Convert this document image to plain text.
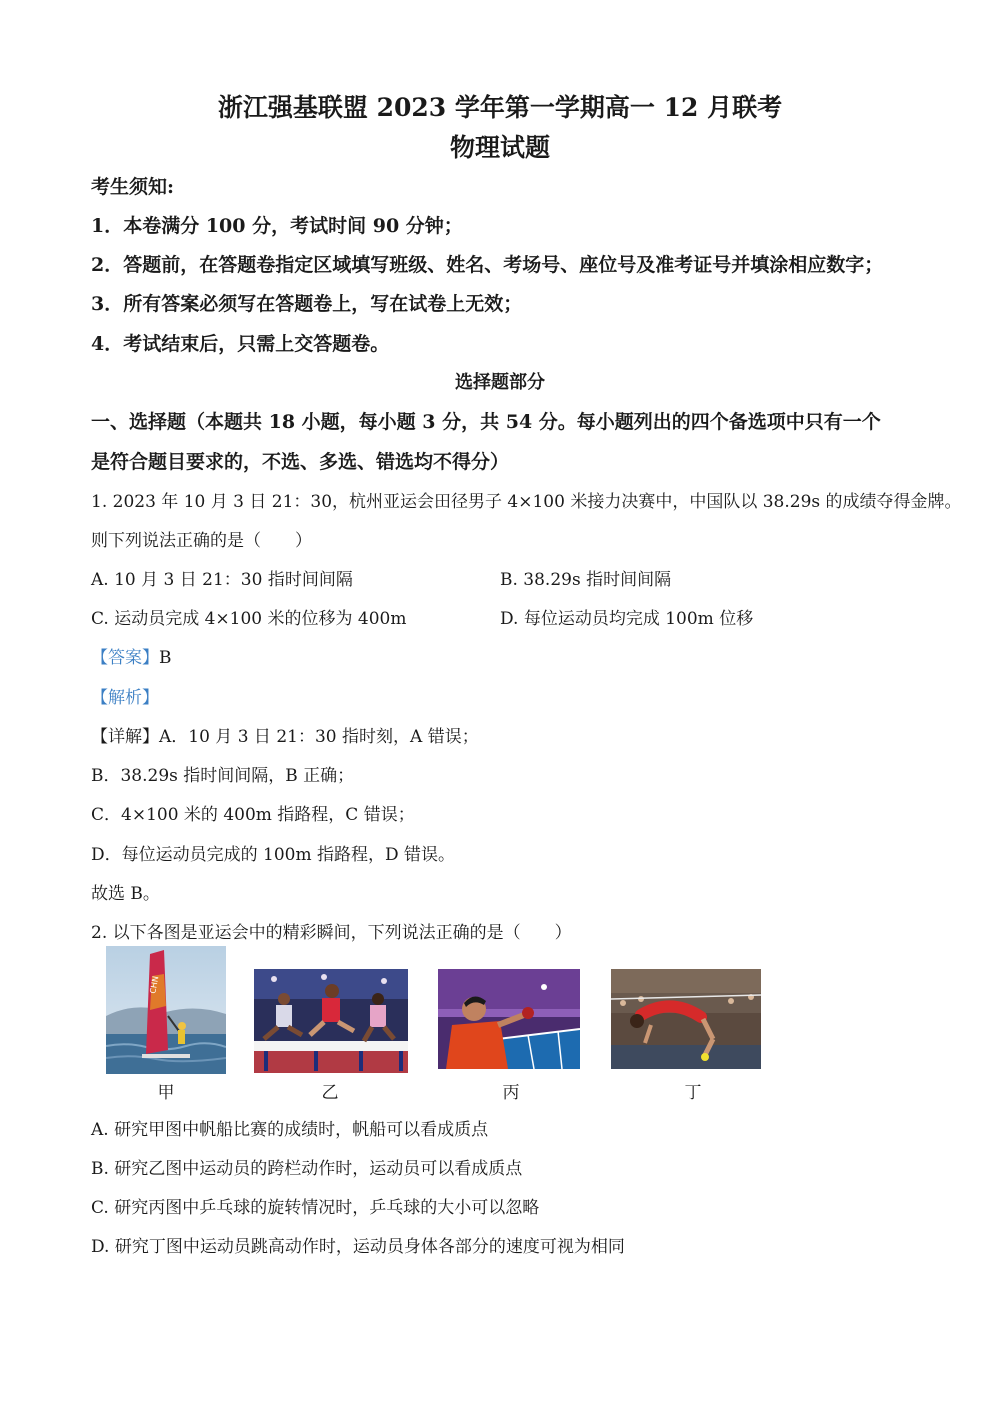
浙江强基联盟 2023 学年第一学期高一 12 月联考
物理试题
考生须知:
1．本卷满分 100 分，考试时间 90 分钟；
2．答题前，在答题卷指定区域填写班级、姓名、考场号、座位号及准考证号并填涂相应数字；
3．所有答案必须写在答题卷上，写在试卷上无效；
4．考试结束后，只需上交答题卷。
选择题部分
一、选择题（本题共 18 小题，每小题 3 分，共 54 分。每小题列出的四个备选项中只有一个
是符合题目要求的，不选、多选、错选均不得分）
1. 2023 年 10 月 3 日 21：30，杭州亚运会田径男子 4×100 米接力决赛中，中国队以 38.29s 的成绩夺得金牌。
则下列说法正确的是（　　）
A. 10 月 3 日 21：30 指时间间隔	B. 38.29s 指时间间隔
C. 运动员完成 4×100 米的位移为 400m	D. 每位运动员均完成 100m 位移
【答案】B
【解析】
【详解】A．10 月 3 日 21：30 指时刻，A 错误；
B．38.29s 指时间间隔，B 正确；
C．4×100 米的 400m 指路程，C 错误；
D．每位运动员完成的 100m 指路程，D 错误。
故选 B。
2. 以下各图是亚运会中的精彩瞬间，下列说法正确的是（　　）
CHN
甲	乙	丙	丁
A. 研究甲图中帆船比赛的成绩时，帆船可以看成质点
B. 研究乙图中运动员的跨栏动作时，运动员可以看成质点
C. 研究丙图中乒乓球的旋转情况时，乒乓球的大小可以忽略
D. 研究丁图中运动员跳高动作时，运动员身体各部分的速度可视为相同
